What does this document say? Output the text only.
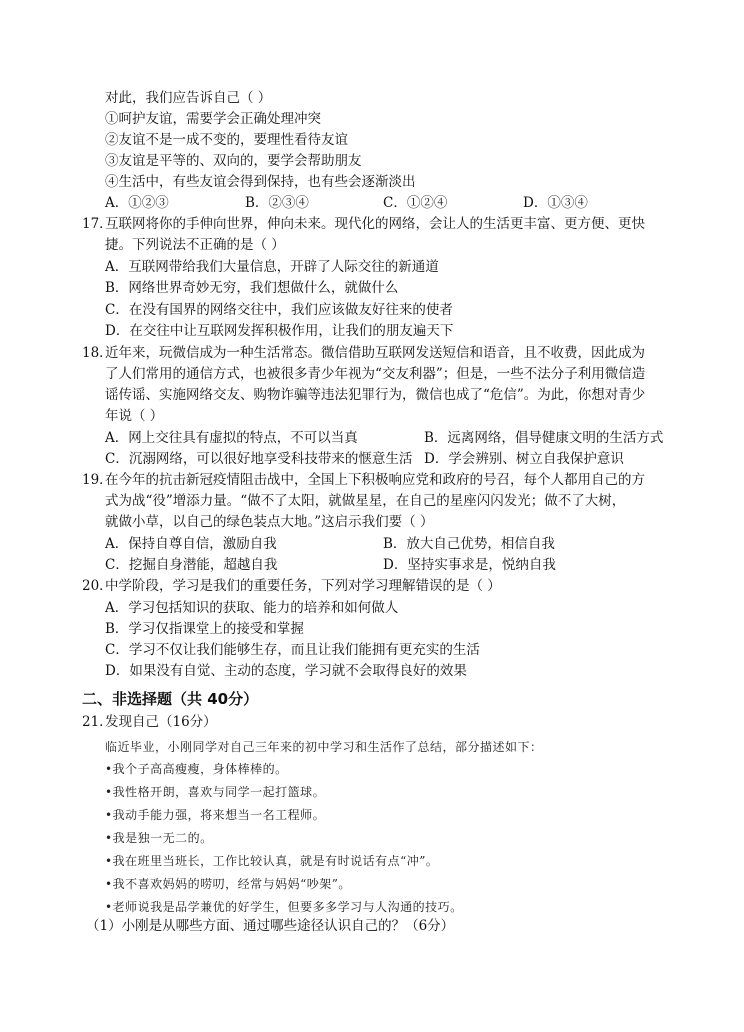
对此，我们应告诉自己（ ）
①呵护友谊，需要学会正确处理冲突
②友谊不是一成不变的，要理性看待友谊
③友谊是平等的、双向的，要学会帮助朋友
④生活中，有些友谊会得到保持，也有些会逐渐淡出
A．①②③	B．②③④	C．①②④	D．①③④
17．
互联网将你的手伸向世界，伸向未来。现代化的网络，会让人的生活更丰富、更方便、更快
捷。下列说法不正确的是（ ）
A．互联网带给我们大量信息，开辟了人际交往的新通道
B．网络世界奇妙无穷，我们想做什么，就做什么
C．在没有国界的网络交往中，我们应该做友好往来的使者
D．在交往中让互联网发挥积极作用，让我们的朋友遍天下
18．
近年来，玩微信成为一种生活常态。微信借助互联网发送短信和语音，且不收费，因此成为
了人们常用的通信方式，也被很多青少年视为“交友利器”；但是，一些不法分子利用微信造
谣传谣、实施网络交友、购物诈骗等违法犯罪行为，微信也成了“危信”。为此，你想对青少
年说（ ）
A．网上交往具有虚拟的特点，不可以当真	B．远离网络，倡导健康文明的生活方式
C．沉溺网络，可以很好地享受科技带来的惬意生活 D．学会辨别、树立自我保护意识
19．
在今年的抗击新冠疫情阻击战中，全国上下积极响应党和政府的号召，每个人都用自己的方
式为战“役”增添力量。“做不了太阳，就做星星，在自己的星座闪闪发光；做不了大树，
就做小草，以自己的绿色装点大地。”这启示我们要（ ）
A．保持自尊自信，激励自我	B．放大自己优势，相信自我
C．挖掘自身潜能，超越自我	D．坚持实事求是，悦纳自我
20．
中学阶段，学习是我们的重要任务，下列对学习理解错误的是（ ）
A．学习包括知识的获取、能力的培养和如何做人
B．学习仅指课堂上的接受和掌握
C．学习不仅让我们能够生存，而且让我们能拥有更充实的生活
D．如果没有自觉、主动的态度，学习就不会取得良好的效果
二、非选择题（共 40分）
21．
发现自己（16分）
临近毕业，小刚同学对自己三年来的初中学习和生活作了总结，部分描述如下：
•我个子高高瘦瘦，身体棒棒的。
•我性格开朗，喜欢与同学一起打篮球。
•我动手能力强，将来想当一名工程师。
•我是独一无二的。
•我在班里当班长，工作比较认真，就是有时说话有点“冲”。
•我不喜欢妈妈的唠叨，经常与妈妈“吵架”。
•老师说我是品学兼优的好学生，但要多多学习与人沟通的技巧。
（1）小刚是从哪些方面、通过哪些途径认识自己的？（6分）
